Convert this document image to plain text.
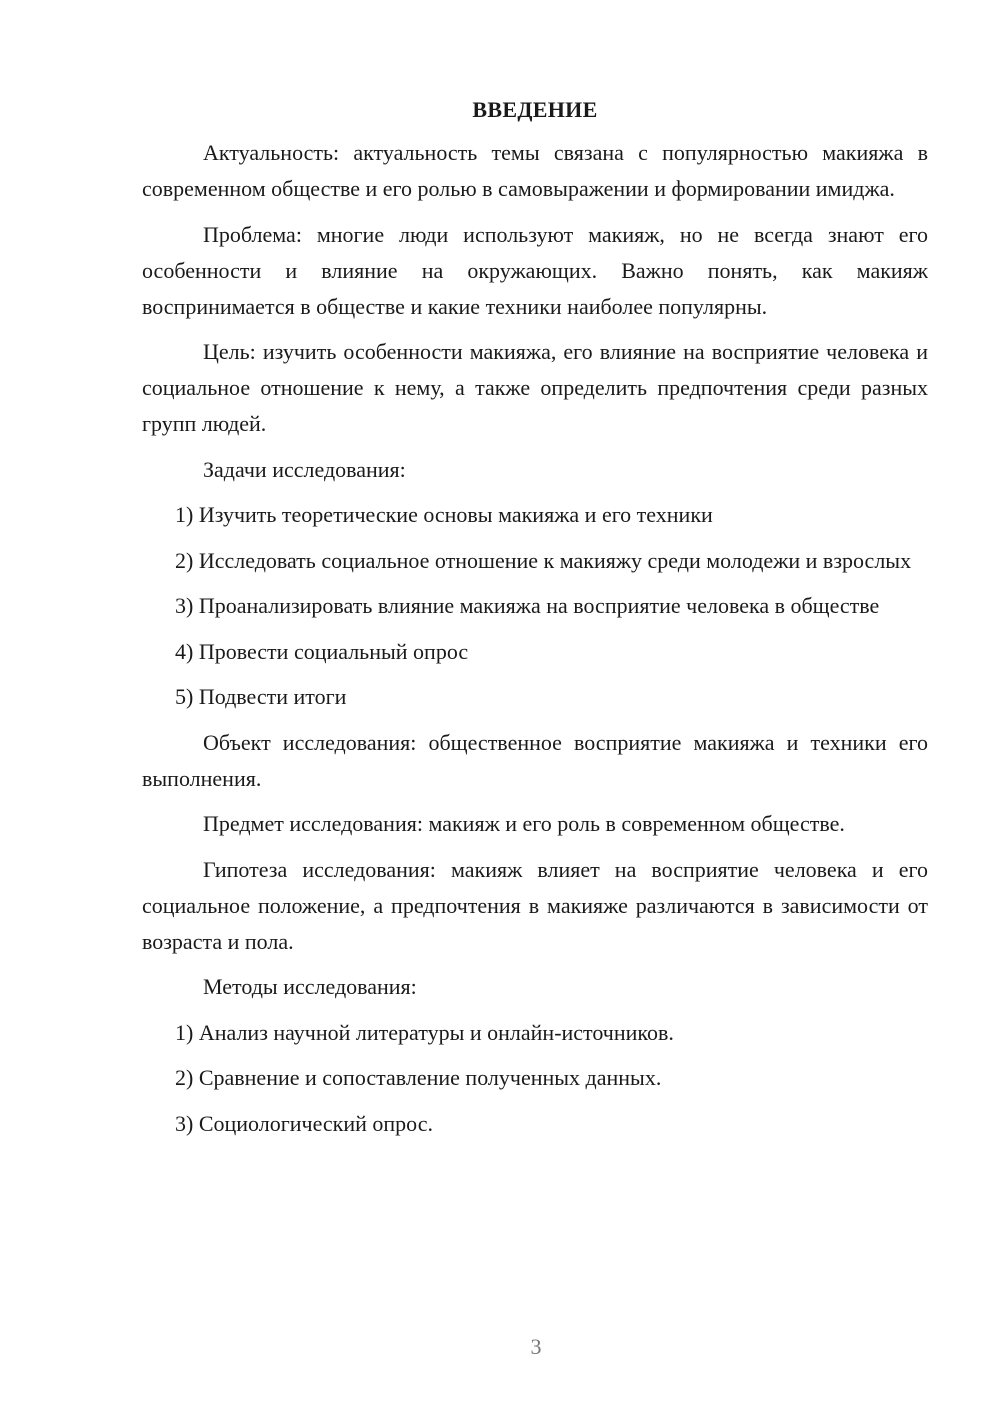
ВВЕДЕНИЕ
Актуальность: актуальность темы связана с популярностью макияжа в современном обществе и его ролью в самовыражении и формировании имиджа.
Проблема: многие люди используют макияж, но не всегда знают его особенности и влияние на окружающих. Важно понять, как макияж воспринимается в обществе и какие техники наиболее популярны.
Цель: изучить особенности макияжа, его влияние на восприятие человека и социальное отношение к нему, а также определить предпочтения среди разных групп людей.
Задачи исследования:
1) Изучить теоретические основы макияжа и его техники
2) Исследовать социальное отношение к макияжу среди молодежи и взрослых
3) Проанализировать влияние макияжа на восприятие человека в обществе
4) Провести социальный опрос
5) Подвести итоги
Объект исследования: общественное восприятие макияжа и техники его выполнения.
Предмет исследования: макияж и его роль в современном обществе.
Гипотеза исследования: макияж влияет на восприятие человека и его социальное положение, а предпочтения в макияже различаются в зависимости от возраста и пола.
Методы исследования:
1) Анализ научной литературы и онлайн-источников.
2) Сравнение и сопоставление полученных данных.
3) Социологический опрос.
3
